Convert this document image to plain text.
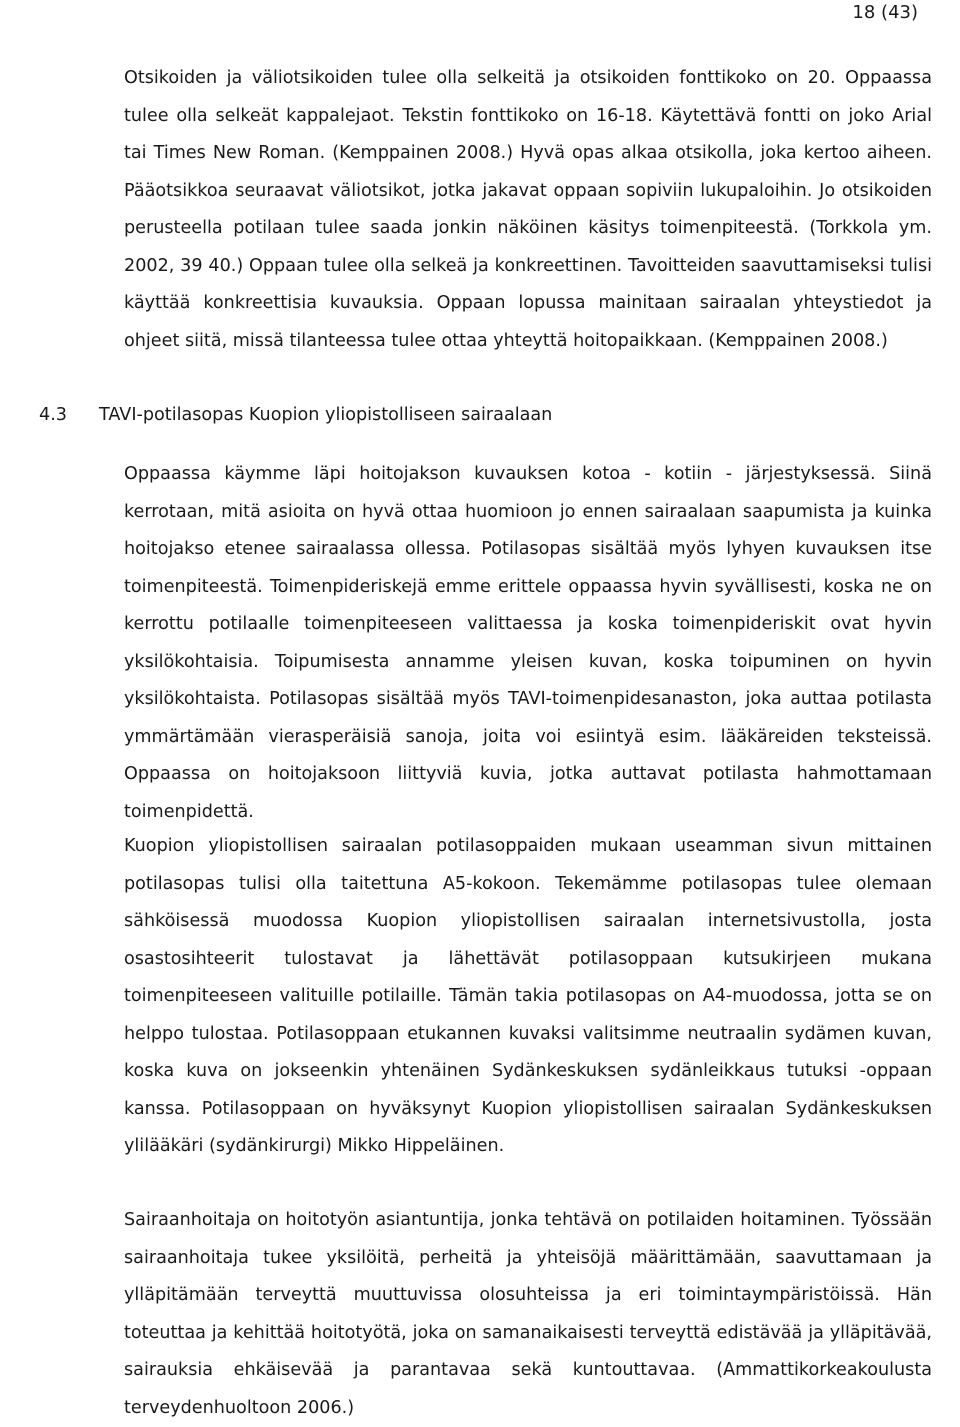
18 (43)

Otsikoiden ja väliotsikoiden tulee olla selkeitä ja otsikoiden fonttikoko on 20. Oppaassa tulee olla selkeät kappalejaot. Tekstin fonttikoko on 16-18. Käytettävä fontti on joko Arial tai Times New Roman. (Kemppainen 2008.) Hyvä opas alkaa otsikolla, joka kertoo aiheen. Pääotsikkoa seuraavat väliotsikot, jotka jakavat oppaan sopiviin lukupaloihin. Jo otsikoiden perusteella potilaan tulee saada jonkin näköinen käsitys toimenpiteestä. (Torkkola ym. 2002, 39 40.) Oppaan tulee olla selkeä ja konkreettinen. Tavoitteiden saavuttamiseksi tulisi käyttää konkreettisia kuvauksia. Oppaan lopussa mainitaan sairaalan yhteystiedot ja ohjeet siitä, missä tilanteessa tulee ottaa yhteyttä hoitopaikkaan. (Kemppainen 2008.)

4.3 TAVI-potilasopas Kuopion yliopistolliseen sairaalaan

Oppaassa käymme läpi hoitojakson kuvauksen kotoa - kotiin - järjestyksessä. Siinä kerrotaan, mitä asioita on hyvä ottaa huomioon jo ennen sairaalaan saapumista ja kuinka hoitojakso etenee sairaalassa ollessa. Potilasopas sisältää myös lyhyen kuvauksen itse toimenpiteestä. Toimenpideriskejä emme erittele oppaassa hyvin syvällisesti, koska ne on kerrottu potilaalle toimenpiteeseen valittaessa ja koska toimenpideriskit ovat hyvin yksilökohtaisia. Toipumisesta annamme yleisen kuvan, koska toipuminen on hyvin yksilökohtaista. Potilasopas sisältää myös TAVI-toimenpidesanaston, joka auttaa potilasta ymmärtämään vierasperäisiä sanoja, joita voi esiintyä esim. lääkäreiden teksteissä. Oppaassa on hoitojaksoon liittyviä kuvia, jotka auttavat potilasta hahmottamaan toimenpidettä.

Kuopion yliopistollisen sairaalan potilasoppaiden mukaan useamman sivun mittainen potilasopas tulisi olla taitettuna A5-kokoon. Tekemämme potilasopas tulee olemaan sähköisessä muodossa Kuopion yliopistollisen sairaalan internetsivustolla, josta osastosihteerit tulostavat ja lähettävät potilasoppaan kutsukirjeen mukana toimenpiteeseen valituille potilaille. Tämän takia potilasopas on A4-muodossa, jotta se on helppo tulostaa. Potilasoppaan etukannen kuvaksi valitsimme neutraalin sydämen kuvan, koska kuva on jokseenkin yhtenäinen Sydänkeskuksen sydänleikkaus tutuksi -oppaan kanssa. Potilasoppaan on hyväksynyt Kuopion yliopistollisen sairaalan Sydänkeskuksen ylilääkäri (sydänkirurgi) Mikko Hippeläinen.

Sairaanhoitaja on hoitotyön asiantuntija, jonka tehtävä on potilaiden hoitaminen. Työssään sairaanhoitaja tukee yksilöitä, perheitä ja yhteisöjä määrittämään, saavuttamaan ja ylläpitämään terveyttä muuttuvissa olosuhteissa ja eri toimintaympäristöissä. Hän toteuttaa ja kehittää hoitotyötä, joka on samanaikaisesti terveyttä edistävää ja ylläpitävää, sairauksia ehkäisevää ja parantavaa sekä kuntouttavaa. (Ammattikorkeakoulusta terveydenhuoltoon 2006.)
